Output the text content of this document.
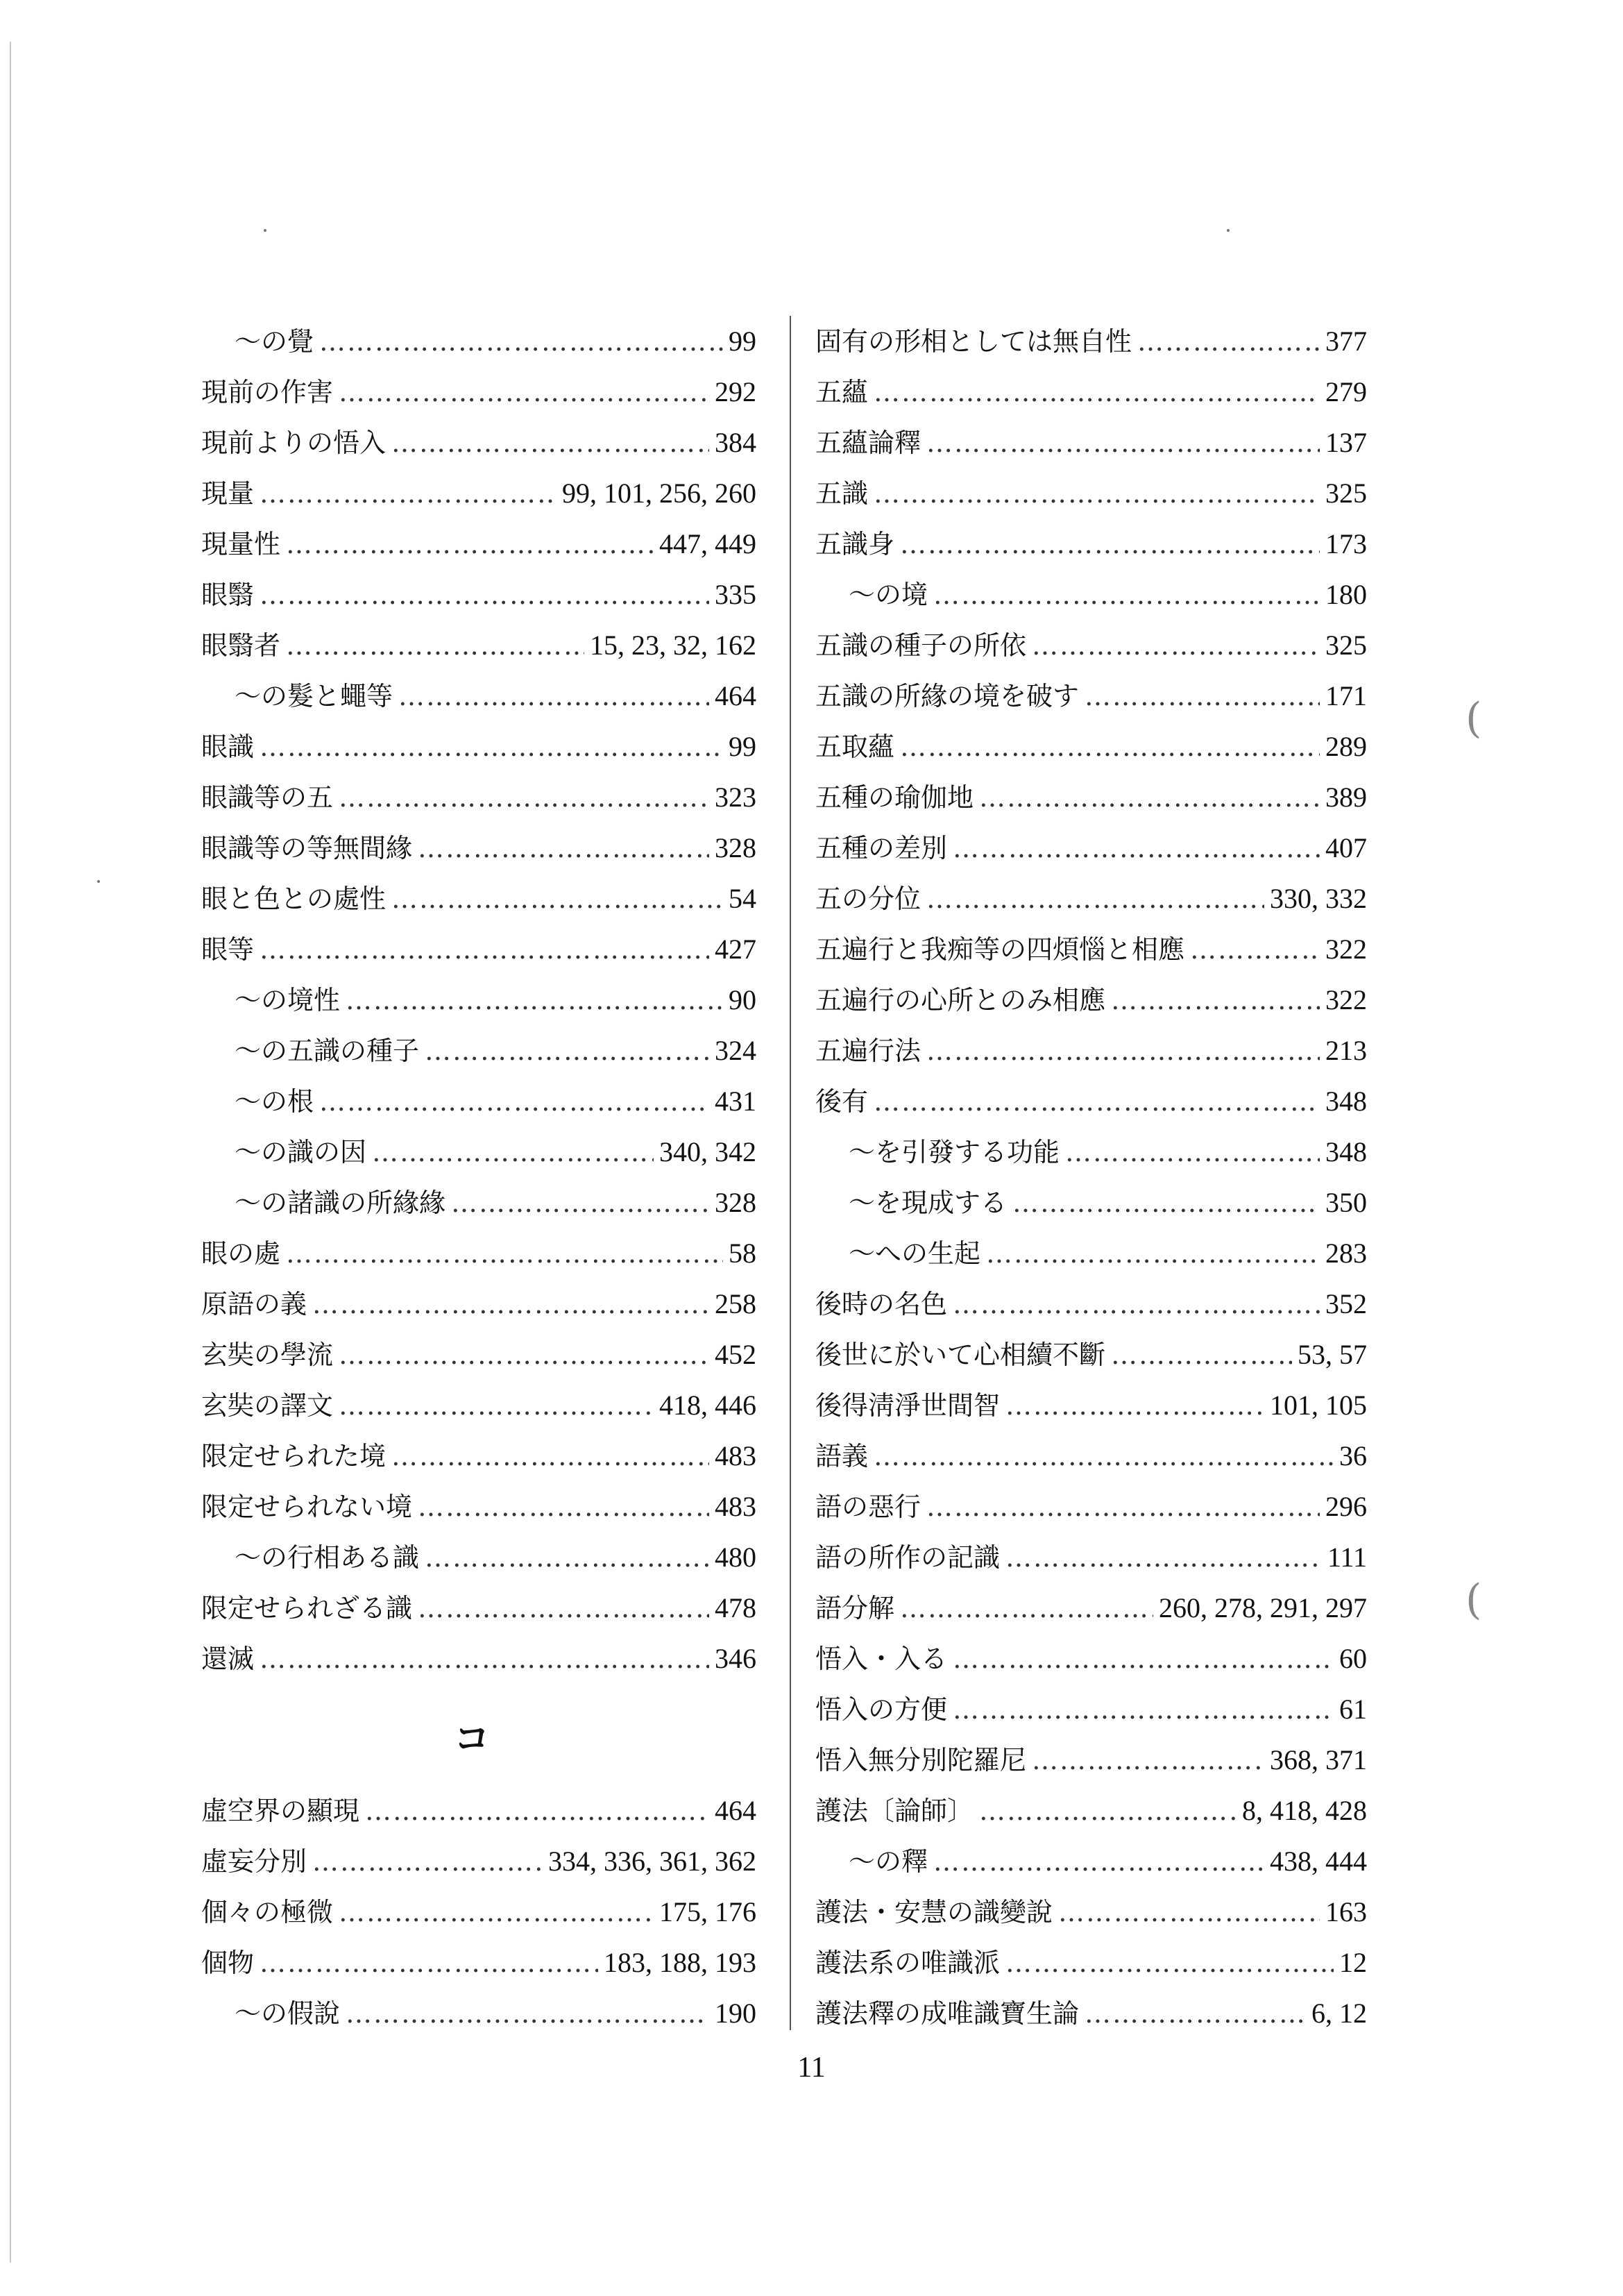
(
(
〜の覺 ……………………………………………………………………………………………………………………………………………………	99
現前の作害 ……………………………………………………………………………………………………………………………………………………	292
現前よりの悟入 ……………………………………………………………………………………………………………………………………………………	384
現量 ……………………………………………………………………………………………………………………………………………………	99, 101, 256, 260
現量性 ……………………………………………………………………………………………………………………………………………………	447, 449
眼翳 ……………………………………………………………………………………………………………………………………………………	335
眼翳者 ……………………………………………………………………………………………………………………………………………………	15, 23, 32, 162
〜の髮と蠅等 ……………………………………………………………………………………………………………………………………………………	464
眼識 ……………………………………………………………………………………………………………………………………………………	99
眼識等の五 ……………………………………………………………………………………………………………………………………………………	323
眼識等の等無間緣 ……………………………………………………………………………………………………………………………………………………	328
眼と色との處性 ……………………………………………………………………………………………………………………………………………………	54
眼等 ……………………………………………………………………………………………………………………………………………………	427
〜の境性 ……………………………………………………………………………………………………………………………………………………	90
〜の五識の種子 ……………………………………………………………………………………………………………………………………………………	324
〜の根 ……………………………………………………………………………………………………………………………………………………	431
〜の識の因 ……………………………………………………………………………………………………………………………………………………	340, 342
〜の諸識の所緣緣 ……………………………………………………………………………………………………………………………………………………	328
眼の處 ……………………………………………………………………………………………………………………………………………………	58
原語の義 ……………………………………………………………………………………………………………………………………………………	258
玄奘の學流 ……………………………………………………………………………………………………………………………………………………	452
玄奘の譯文 ……………………………………………………………………………………………………………………………………………………	418, 446
限定せられた境 ……………………………………………………………………………………………………………………………………………………	483
限定せられない境 ……………………………………………………………………………………………………………………………………………………	483
〜の行相ある識 ……………………………………………………………………………………………………………………………………………………	480
限定せられざる識 ……………………………………………………………………………………………………………………………………………………	478
還滅 ……………………………………………………………………………………………………………………………………………………	346
コ
虛空界の顯現 ……………………………………………………………………………………………………………………………………………………	464
虛妄分別 ……………………………………………………………………………………………………………………………………………………	334, 336, 361, 362
個々の極微 ……………………………………………………………………………………………………………………………………………………	175, 176
個物 ……………………………………………………………………………………………………………………………………………………	183, 188, 193
〜の假說 ……………………………………………………………………………………………………………………………………………………	190
固有の形相としては無自性 ……………………………………………………………………………………………………………………………………………………	377
五蘊 ……………………………………………………………………………………………………………………………………………………	279
五蘊論釋 ……………………………………………………………………………………………………………………………………………………	137
五識 ……………………………………………………………………………………………………………………………………………………	325
五識身 ……………………………………………………………………………………………………………………………………………………	173
〜の境 ……………………………………………………………………………………………………………………………………………………	180
五識の種子の所依 ……………………………………………………………………………………………………………………………………………………	325
五識の所緣の境を破す ……………………………………………………………………………………………………………………………………………………	171
五取蘊 ……………………………………………………………………………………………………………………………………………………	289
五種の瑜伽地 ……………………………………………………………………………………………………………………………………………………	389
五種の差別 ……………………………………………………………………………………………………………………………………………………	407
五の分位 ……………………………………………………………………………………………………………………………………………………	330, 332
五遍行と我痴等の四煩惱と相應 ……………………………………………………………………………………………………………………………………………………	322
五遍行の心所とのみ相應 ……………………………………………………………………………………………………………………………………………………	322
五遍行法 ……………………………………………………………………………………………………………………………………………………	213
後有 ……………………………………………………………………………………………………………………………………………………	348
〜を引發する功能 ……………………………………………………………………………………………………………………………………………………	348
〜を現成する ……………………………………………………………………………………………………………………………………………………	350
〜への生起 ……………………………………………………………………………………………………………………………………………………	283
後時の名色 ……………………………………………………………………………………………………………………………………………………	352
後世に於いて心相續不斷 ……………………………………………………………………………………………………………………………………………………	53, 57
後得淸淨世間智 ……………………………………………………………………………………………………………………………………………………	101, 105
語義 ……………………………………………………………………………………………………………………………………………………	36
語の惡行 ……………………………………………………………………………………………………………………………………………………	296
語の所作の記識 ……………………………………………………………………………………………………………………………………………………	111
語分解 ……………………………………………………………………………………………………………………………………………………	260, 278, 291, 297
悟入・入る ……………………………………………………………………………………………………………………………………………………	60
悟入の方便 ……………………………………………………………………………………………………………………………………………………	61
悟入無分別陀羅尼 ……………………………………………………………………………………………………………………………………………………	368, 371
護法〔論師〕 ……………………………………………………………………………………………………………………………………………………	8, 418, 428
〜の釋 ……………………………………………………………………………………………………………………………………………………	438, 444
護法・安慧の識變說 ……………………………………………………………………………………………………………………………………………………	163
護法系の唯識派 ……………………………………………………………………………………………………………………………………………………	12
護法釋の成唯識寶生論 ……………………………………………………………………………………………………………………………………………………	6, 12
11
